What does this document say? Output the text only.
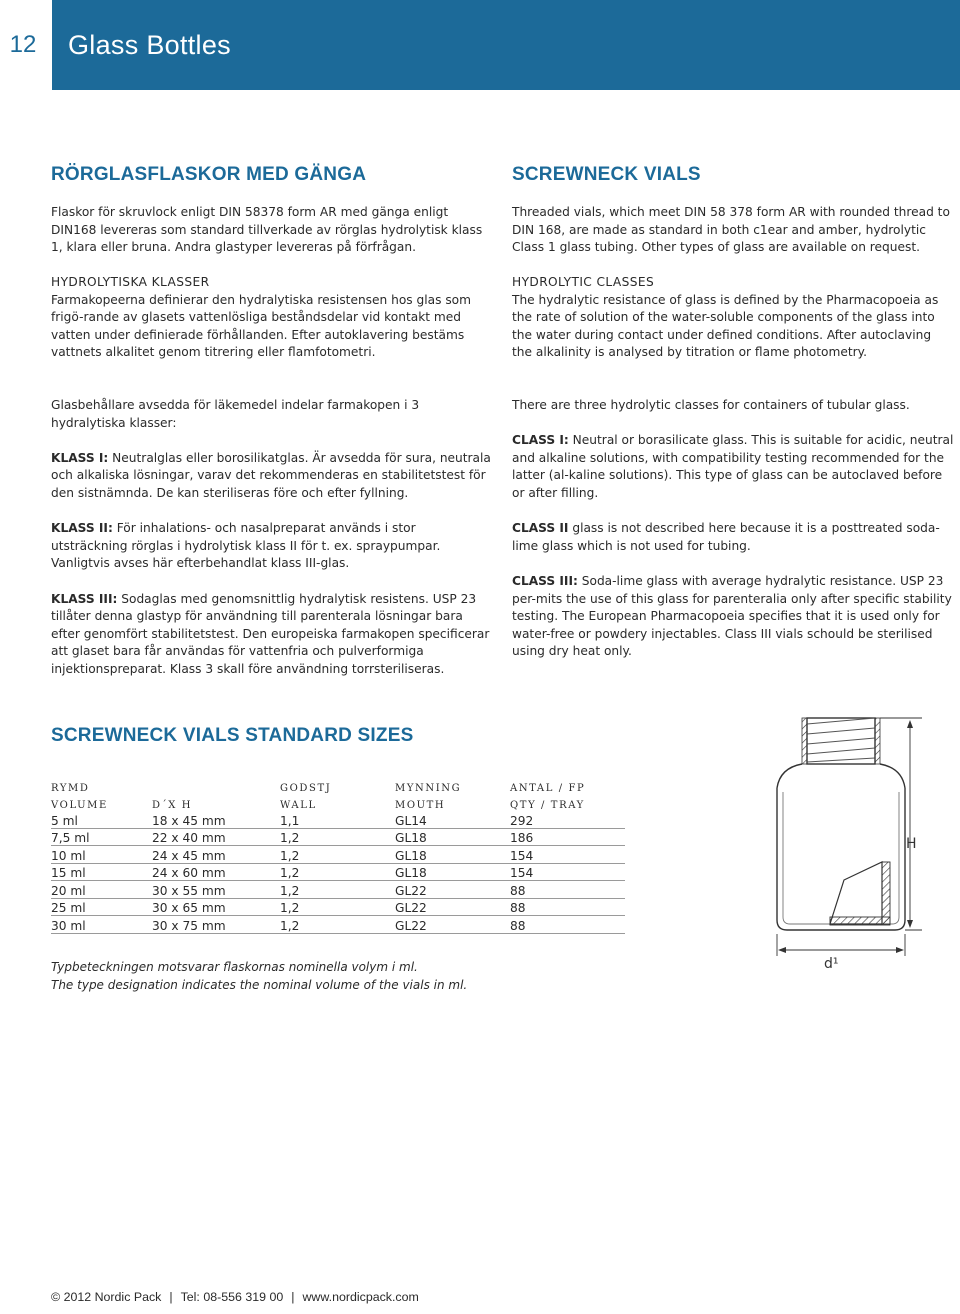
12	Glass Bottles
RÖRGLASFLASKOR MED GÄNGA

Flaskor för skruvlock enligt DIN 58378 form AR med gänga enligt DIN168 levereras som standard tillverkade av rörglas hydrolytisk klass 1, klara eller bruna. Andra glastyper levereras på förfrågan.

HYDROLYTISKA KLASSER

Farmakopeerna definierar den hydralytiska resistensen hos glas som frigö-rande av glasets vattenlösliga beståndsdelar vid kontakt med vatten under definierade förhållanden. Efter autoklavering bestäms vattnets alkalitet genom titrering eller flamfotometri.

SCREWNECK VIALS

Threaded vials, which meet DIN 58 378 form AR with rounded thread to DIN 168, are made as standard in both c1ear and amber, hydrolytic Class 1 glass tubing. Other types of glass are available on request.

HYDROLYTIC CLASSES

The hydralytic resistance of glass is defined by the Pharmacopoeia as the rate of solution of the water-soluble components of the glass into the water during contact under defined conditions. After autoclaving the alkalinity is analysed by titration or flame photometry.

Glasbehållare avsedda för läkemedel indelar farmakopen i 3 hydralytiska klasser:

KLASS I: Neutralglas eller borosilikatglas. Är avsedda för sura, neutrala och alkaliska lösningar, varav det rekommenderas en stabilitetstest för den sistnämnda. De kan steriliseras före och efter fyllning.

KLASS II: För inhalations- och nasalpreparat används i stor utsträckning rörglas i hydrolytisk klass II för t. ex. spraypumpar. Vanligtvis avses här efterbehandlat klass III-glas.

KLASS III: Sodaglas med genomsnittlig hydralytisk resistens. USP 23 tillåter denna glastyp för användning till parenterala lösningar bara efter genomfört stabilitetstest. Den europeiska farmakopen specificerar att glaset bara får användas för vattenfria och pulverformiga injektionspreparat. Klass 3 skall före användning torrsteriliseras.

There are three hydrolytic classes for containers of tubular glass.

CLASS I: Neutral or borasilicate glass. This is suitable for acidic, neutral and alkaline solutions, with compatibility testing recommended for the latter (al-kaline solutions). This type of glass can be autoclaved before or after filling.

CLASS II glass is not described here because it is a posttreated soda-lime glass which is not used for tubing.

CLASS III: Soda-lime glass with average hydralytic resistance. USP 23 per-mits the use of this glass for parenteralia only after specific stability testing. The European Pharmacopoeia specifies that it is used only for water-free or powdery injectables. Class III vials schould be sterilised using dry heat only.

SCREWNECK VIALS STANDARD SIZES
RYMD		GODSTJ	MYNNING	ANTAL / FP
VOLUME	D´X H	WALL	MOUTH	QTY / TRAY
5 ml	18 x 45 mm	1,1	GL14	292
7,5 ml	22 x 40 mm	1,2	GL18	186
10 ml	24 x 45 mm	1,2	GL18	154
15 ml	24 x 60 mm	1,2	GL18	154
20 ml	30 x 55 mm	1,2	GL22	88
25 ml	30 x 65 mm	1,2	GL22	88
30 ml	30 x 75 mm	1,2	GL22	88
Typbeteckningen motsvarar flaskornas nominella volym i ml.
The type designation indicates the nominal volume of the vials in ml.
H
d¹
© 2012 Nordic Pack | Tel: 08-556 319 00 | www.nordicpack.com
